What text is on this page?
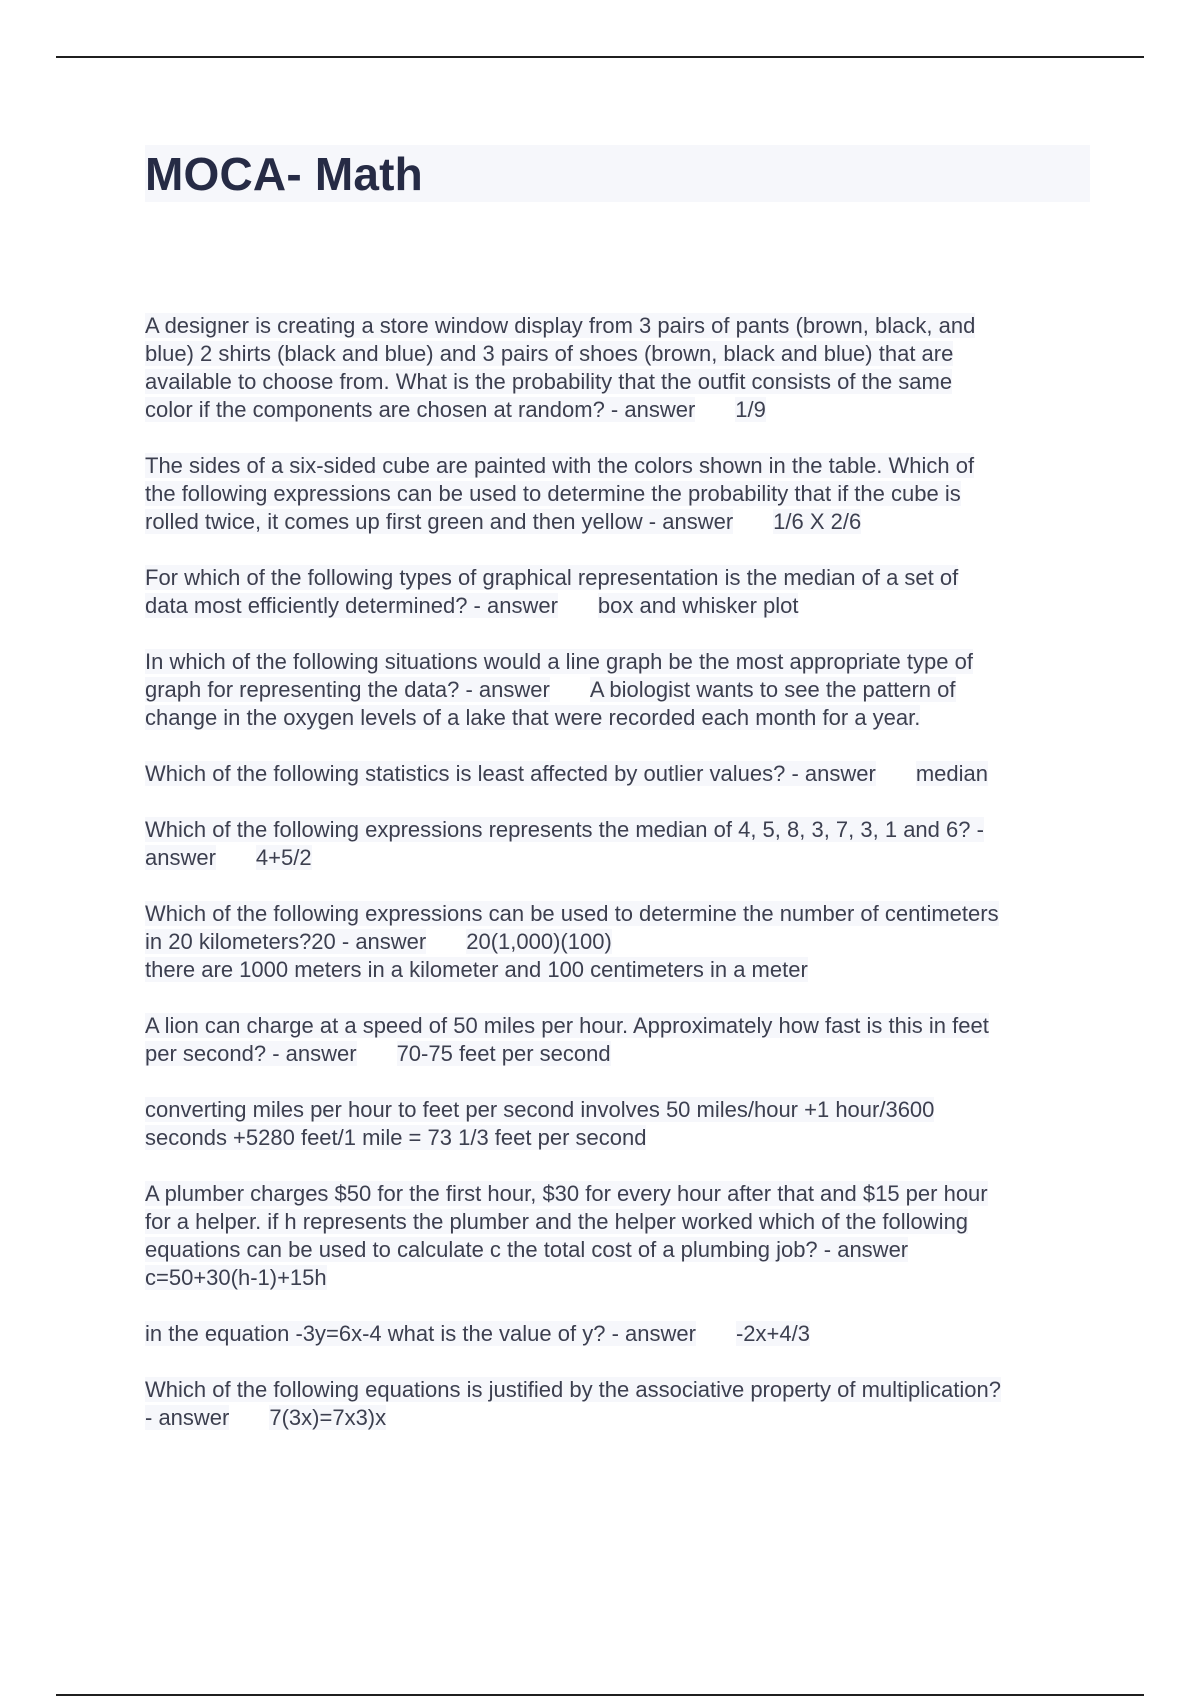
MOCA- Math
A designer is creating a store window display from 3 pairs of pants (brown, black, and
blue) 2 shirts (black and blue) and 3 pairs of shoes (brown, black and blue) that are
available to choose from. What is the probability that the outfit consists of the same
color if the components are chosen at random? - answer 1/9
The sides of a six-sided cube are painted with the colors shown in the table. Which of
the following expressions can be used to determine the probability that if the cube is
rolled twice, it comes up first green and then yellow - answer 1/6 X 2/6
For which of the following types of graphical representation is the median of a set of
data most efficiently determined? - answer box and whisker plot
In which of the following situations would a line graph be the most appropriate type of
graph for representing the data? - answer A biologist wants to see the pattern of
change in the oxygen levels of a lake that were recorded each month for a year.
Which of the following statistics is least affected by outlier values? - answer median
Which of the following expressions represents the median of 4, 5, 8, 3, 7, 3, 1 and 6? -
answer 4+5/2
Which of the following expressions can be used to determine the number of centimeters
in 20 kilometers?20 - answer 20(1,000)(100)
there are 1000 meters in a kilometer and 100 centimeters in a meter
A lion can charge at a speed of 50 miles per hour. Approximately how fast is this in feet
per second? - answer 70-75 feet per second
converting miles per hour to feet per second involves 50 miles/hour +1 hour/3600
seconds +5280 feet/1 mile = 73 1/3 feet per second
A plumber charges $50 for the first hour, $30 for every hour after that and $15 per hour
for a helper. if h represents the plumber and the helper worked which of the following
equations can be used to calculate c the total cost of a plumbing job? - answer
c=50+30(h-1)+15h
in the equation -3y=6x-4 what is the value of y? - answer -2x+4/3
Which of the following equations is justified by the associative property of multiplication?
- answer 7(3x)=7x3)x
